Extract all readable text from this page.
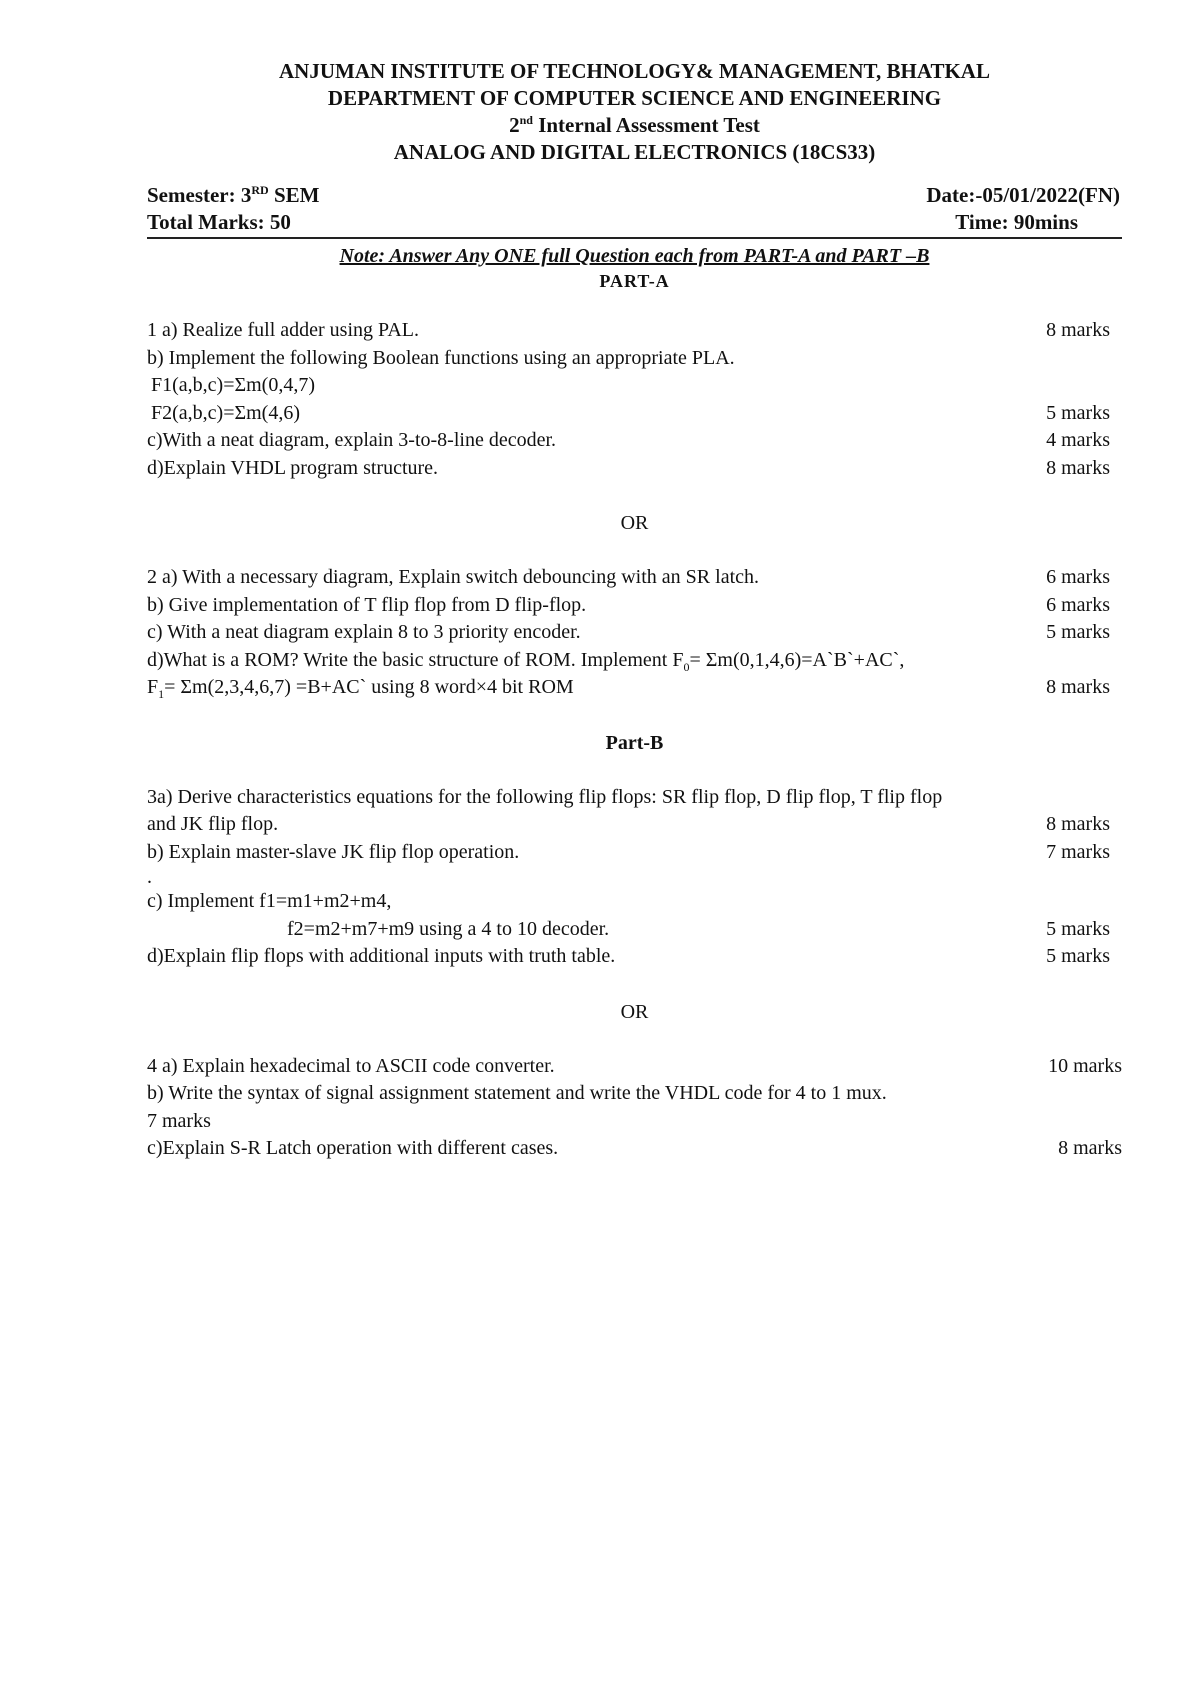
ANJUMAN INSTITUTE OF TECHNOLOGY& MANAGEMENT, BHATKAL
DEPARTMENT OF COMPUTER SCIENCE AND ENGINEERING
2nd Internal Assessment Test
ANALOG AND DIGITAL ELECTRONICS (18CS33)
Semester: 3RD SEM	Date:-05/01/2022(FN)
Total Marks: 50	Time: 90mins
Note: Answer Any ONE full Question each from PART-A and PART –B
PART-A
1 a) Realize full adder using PAL.	8 marks
b) Implement the following Boolean functions using an appropriate PLA.
F1(a,b,c)=Σm(0,4,7)
F2(a,b,c)=Σm(4,6)	5 marks
c)With a neat diagram, explain 3-to-8-line decoder.	4 marks
d)Explain VHDL program structure.	8 marks
OR
2 a) With a necessary diagram, Explain switch debouncing with an SR latch.	6 marks
b) Give implementation of T flip flop from D flip-flop.	6 marks
c) With a neat diagram explain 8 to 3 priority encoder.	5 marks
d)What is a ROM? Write the basic structure of ROM. Implement $F_0=$ Σm(0,1,4,6)=A`B`+AC`,
$F_1= \Sigma m(2,3,4,6,7)$ =B+AC` using 8 word×4 bit ROM	8 marks
Part-B
3a) Derive characteristics equations for the following flip flops: SR flip flop, D flip flop, T flip flop
and JK flip flop.	8 marks
b) Explain master-slave JK flip flop operation.	7 marks
.
c) Implement f1=m1+m2+m4,
f2=m2+m7+m9 using a 4 to 10 decoder.	5 marks
d)Explain flip flops with additional inputs with truth table.	5 marks
OR
4 a) Explain hexadecimal to ASCII code converter.	10 marks
b) Write the syntax of signal assignment statement and write the VHDL code for 4 to 1 mux.
7 marks
c)Explain S-R Latch operation with different cases.	8 marks
